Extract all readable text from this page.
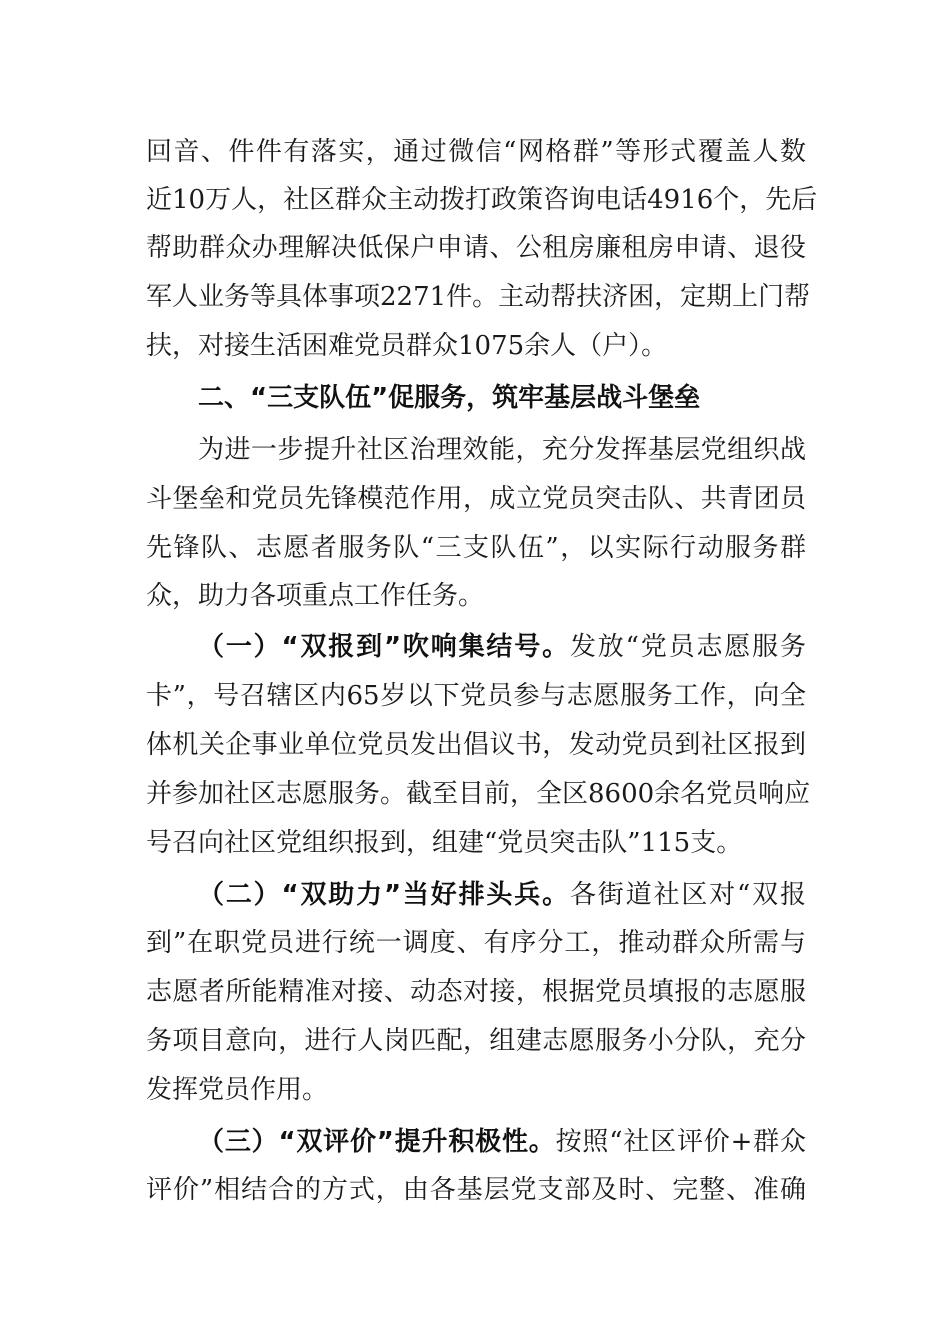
回音、件件有落实，通过微信“网格群”等形式覆盖人数
近10万人，社区群众主动拨打政策咨询电话4916个，先后
帮助群众办理解决低保户申请、公租房廉租房申请、退役
军人业务等具体事项2271件。主动帮扶济困，定期上门帮
扶，对接生活困难党员群众1075余人（户）。
二、“三支队伍”促服务，筑牢基层战斗堡垒
为进一步提升社区治理效能，充分发挥基层党组织战
斗堡垒和党员先锋模范作用，成立党员突击队、共青团员
先锋队、志愿者服务队“三支队伍”，以实际行动服务群
众，助力各项重点工作任务。
（一）“双报到”吹响集结号。发放“党员志愿服务
卡”，号召辖区内65岁以下党员参与志愿服务工作，向全
体机关企事业单位党员发出倡议书，发动党员到社区报到
并参加社区志愿服务。截至目前，全区8600余名党员响应
号召向社区党组织报到，组建“党员突击队”115支。
（二）“双助力”当好排头兵。各街道社区对“双报
到”在职党员进行统一调度、有序分工，推动群众所需与
志愿者所能精准对接、动态对接，根据党员填报的志愿服
务项目意向，进行人岗匹配，组建志愿服务小分队，充分
发挥党员作用。
（三）“双评价”提升积极性。按照“社区评价+群众
评价”相结合的方式，由各基层党支部及时、完整、准确
